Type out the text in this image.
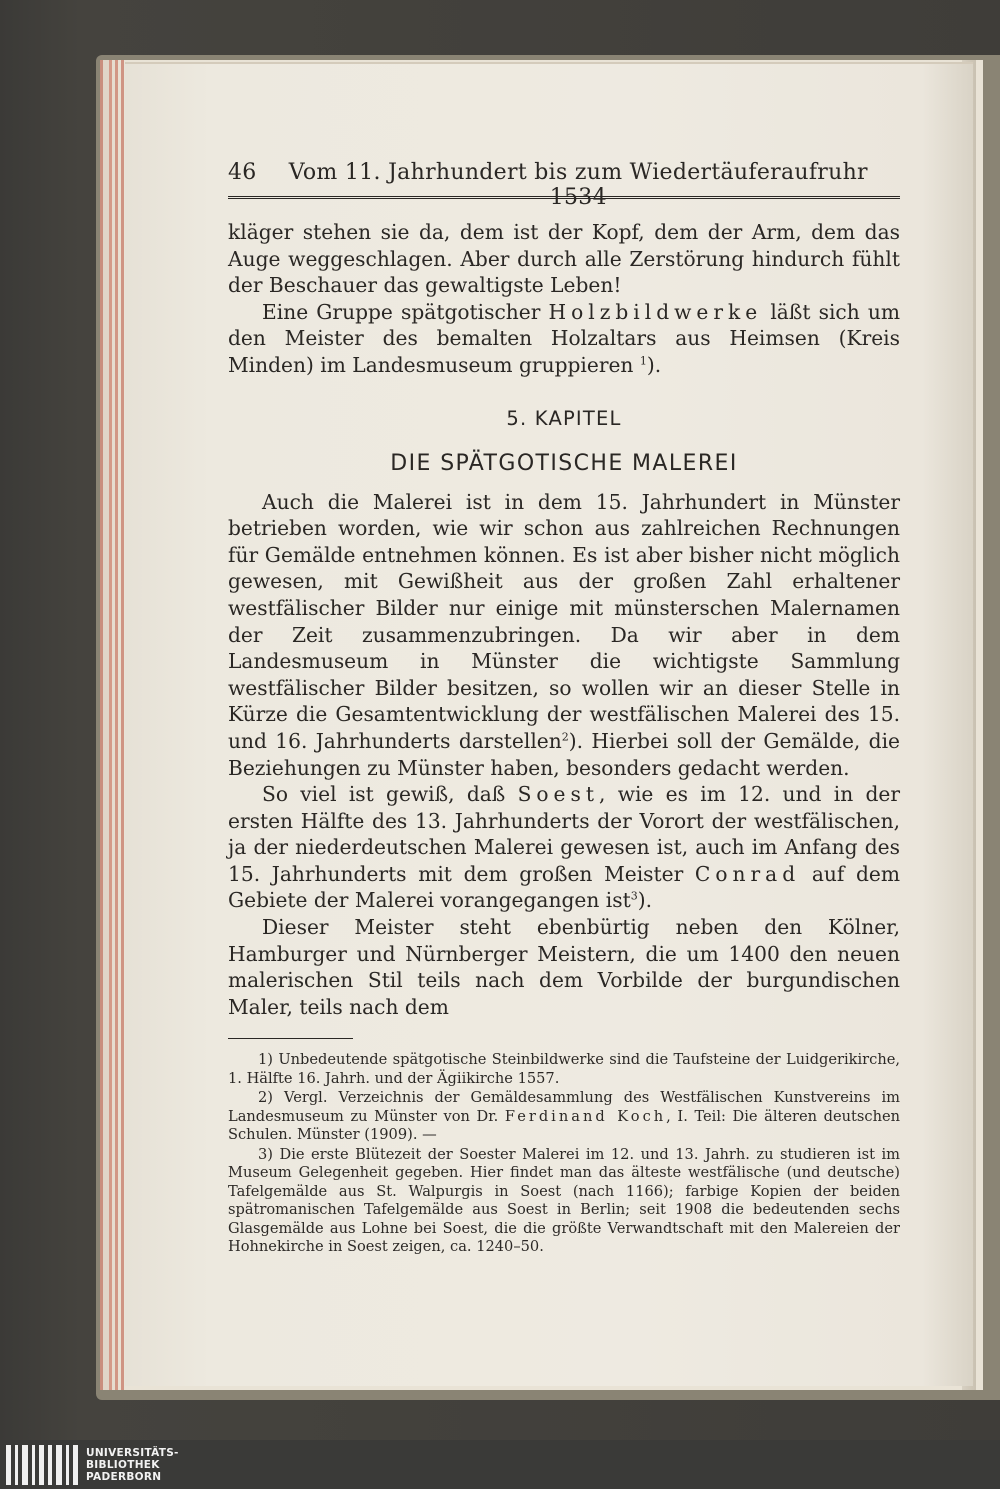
46	Vom 11. Jahrhundert bis zum Wiedertäuferaufruhr 1534

kläger stehen sie da, dem ist der Kopf, dem der Arm, dem das Auge weggeschlagen. Aber durch alle Zerstörung hindurch fühlt der Beschauer das gewaltigste Leben!

Eine Gruppe spätgotischer Holzbildwerke läßt sich um den Meister des bemalten Holzaltars aus Heimsen (Kreis Minden) im Landesmuseum gruppieren $^1$).

5. KAPITEL
DIE SPÄTGOTISCHE MALEREI

Auch die Malerei ist in dem 15. Jahrhundert in Münster betrieben worden, wie wir schon aus zahlreichen Rechnungen für Gemälde entnehmen können. Es ist aber bisher nicht möglich gewesen, mit Gewißheit aus der großen Zahl erhaltener westfälischer Bilder nur einige mit münsterschen Malernamen der Zeit zusammenzubringen. Da wir aber in dem Landesmuseum in Münster die wichtigste Sammlung westfälischer Bilder besitzen, so wollen wir an dieser Stelle in Kürze die Gesamtentwicklung der westfälischen Malerei des 15. und 16. Jahrhunderts darstellen$^2$). Hierbei soll der Gemälde, die Beziehungen zu Münster haben, besonders gedacht werden.

So viel ist gewiß, daß Soest, wie es im 12. und in der ersten Hälfte des 13. Jahrhunderts der Vorort der westfälischen, ja der niederdeutschen Malerei gewesen ist, auch im Anfang des 15. Jahrhunderts mit dem großen Meister Conrad auf dem Gebiete der Malerei vorangegangen ist$^3$).

Dieser Meister steht ebenbürtig neben den Kölner, Hamburger und Nürnberger Meistern, die um 1400 den neuen malerischen Stil teils nach dem Vorbilde der burgundischen Maler, teils nach dem

1) Unbedeutende spätgotische Steinbildwerke sind die Taufsteine der Luidgerikirche, 1. Hälfte 16. Jahrh. und der Ägiikirche 1557.

2) Vergl. Verzeichnis der Gemäldesammlung des Westfälischen Kunstvereins im Landesmuseum zu Münster von Dr. Ferdinand Koch, I. Teil: Die älteren deutschen Schulen. Münster (1909). —

3) Die erste Blütezeit der Soester Malerei im 12. und 13. Jahrh. zu studieren ist im Museum Gelegenheit gegeben. Hier findet man das älteste westfälische (und deutsche) Tafelgemälde aus St. Walpurgis in Soest (nach 1166); farbige Kopien der beiden spätromanischen Tafelgemälde aus Soest in Berlin; seit 1908 die bedeutenden sechs Glasgemälde aus Lohne bei Soest, die die größte Verwandtschaft mit den Malereien der Hohnekirche in Soest zeigen, ca. 1240–50.

UNIVERSITÄTS-
BIBLIOTHEK
PADERBORN
